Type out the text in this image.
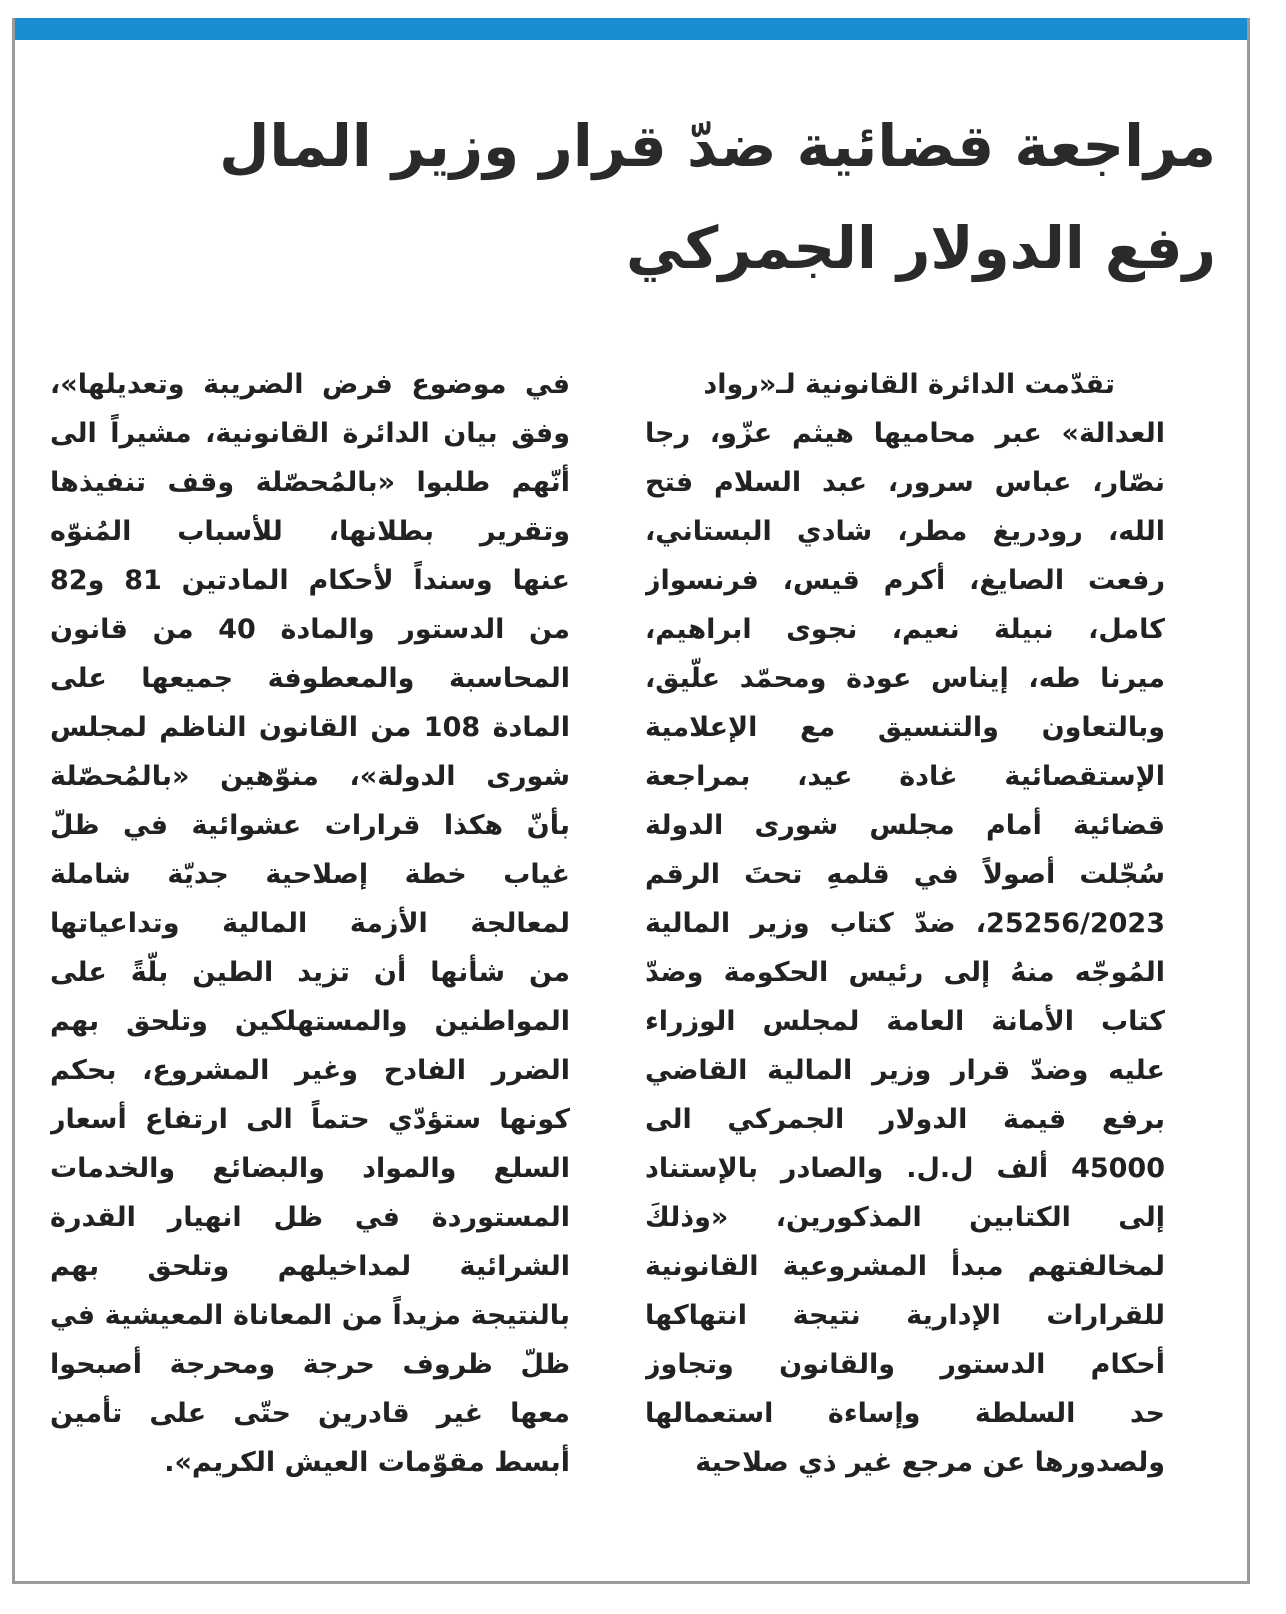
مراجعة قضائية ضدّ قرار وزير المال
رفع الدولار الجمركي
تقدّمت الدائرة القانونية لـ«رواد
العدالة» عبر محاميها هيثم عزّو، رجا
نصّار، عباس سرور، عبد السلام فتح
الله، رودريغ مطر، شادي البستاني،
رفعت الصايغ، أكرم قيس، فرنسواز
كامل، نبيلة نعيم، نجوى ابراهيم،
ميرنا طه، إيناس عودة ومحمّد علّيق،
وبالتعاون والتنسيق مع الإعلامية
الإستقصائية غادة عيد، بمراجعة
قضائية أمام مجلس شورى الدولة
سُجّلت أصولاً في قلمهِ تحتَ الرقم
25256/2023، ضدّ كتاب وزير المالية
المُوجّه منهُ إلى رئيس الحكومة وضدّ
كتاب الأمانة العامة لمجلس الوزراء
عليه وضدّ قرار وزير المالية القاضي
برفع قيمة الدولار الجمركي الى
45000 ألف ل.ل. والصادر بالإستناد
إلى الكتابين المذكورين، «وذلكَ
لمخالفتهم مبدأ المشروعية القانونية
للقرارات الإدارية نتيجة انتهاكها
أحكام الدستور والقانون وتجاوز
حد السلطة وإساءة استعمالها
ولصدورها عن مرجع غير ذي صلاحية
في موضوع فرض الضريبة وتعديلها»،
وفق بيان الدائرة القانونية، مشيراً الى
أنّهم طلبوا «بالمُحصّلة وقف تنفيذها
وتقرير بطلانها، للأسباب المُنوّه
عنها وسنداً لأحكام المادتين 81 و82
من الدستور والمادة 40 من قانون
المحاسبة والمعطوفة جميعها على
المادة 108 من القانون الناظم لمجلس
شورى الدولة»، منوّهين «بالمُحصّلة
بأنّ هكذا قرارات عشوائية في ظلّ
غياب خطة إصلاحية جديّة شاملة
لمعالجة الأزمة المالية وتداعياتها
من شأنها أن تزيد الطين بلّةً على
المواطنين والمستهلكين وتلحق بهم
الضرر الفادح وغير المشروع، بحكم
كونها ستؤدّي حتماً الى ارتفاع أسعار
السلع والمواد والبضائع والخدمات
المستوردة في ظل انهيار القدرة
الشرائية لمداخيلهم وتلحق بهم
بالنتيجة مزيداً من المعاناة المعيشية في
ظلّ ظروف حرجة ومحرجة أصبحوا
معها غير قادرين حتّى على تأمين
أبسط مقوّمات العيش الكريم».
